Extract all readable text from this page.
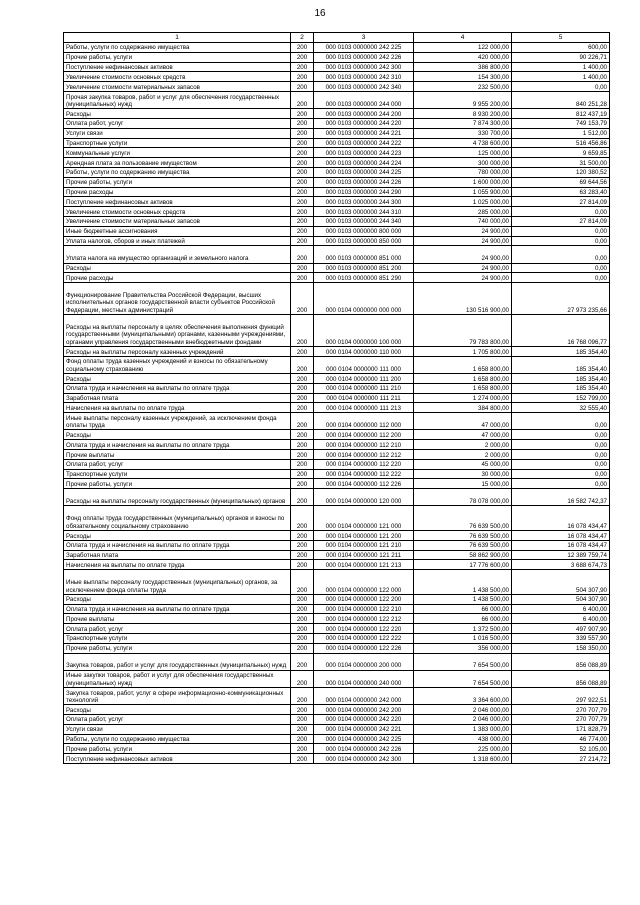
16
1	2	3	4	5
Работы, услуги по содержанию имущества	200	000 0103 0000000 242 225	122 000,00	600,00
Прочие работы, услуги	200	000 0103 0000000 242 226	420 000,00	90 226,71
Поступление нефинансовых активов	200	000 0103 0000000 242 300	386 800,00	1 400,00
Увеличение стоимости основных средств	200	000 0103 0000000 242 310	154 300,00	1 400,00
Увеличение стоимости материальных запасов	200	000 0103 0000000 242 340	232 500,00	0,00
Прочая закупка товаров, работ и услуг для обеспечения государственных (муниципальных) нужд	200	000 0103 0000000 244 000	9 955 200,00	840 251,28
Расходы	200	000 0103 0000000 244 200	8 930 200,00	812 437,19
Оплата работ, услуг	200	000 0103 0000000 244 220	7 874 300,00	749 153,79
Услуги связи	200	000 0103 0000000 244 221	330 700,00	1 512,00
Транспортные услуги	200	000 0103 0000000 244 222	4 738 600,00	516 456,86
Коммунальные услуги	200	000 0103 0000000 244 223	125 000,00	9 659,85
Арендная плата за пользование имуществом	200	000 0103 0000000 244 224	300 000,00	31 500,00
Работы, услуги по содержанию имущества	200	000 0103 0000000 244 225	780 000,00	120 380,52
Прочие работы, услуги	200	000 0103 0000000 244 226	1 600 000,00	69 644,56
Прочие расходы	200	000 0103 0000000 244 290	1 055 900,00	63 283,40
Поступление нефинансовых активов	200	000 0103 0000000 244 300	1 025 000,00	27 814,09
Увеличение стоимости основных средств	200	000 0103 0000000 244 310	285 000,00	0,00
Увеличение стоимости материальных запасов	200	000 0103 0000000 244 340	740 000,00	27 814,09
Иные бюджетные ассигнования	200	000 0103 0000000 800 000	24 900,00	0,00
Уплата налогов, сборов и иных платежей	200	000 0103 0000000 850 000	24 900,00	0,00
Уплата налога на имущество организаций и земельного налога	200	000 0103 0000000 851 000	24 900,00	0,00
Расходы	200	000 0103 0000000 851 200	24 900,00	0,00
Прочие расходы	200	000 0103 0000000 851 290	24 900,00	0,00
Функционирование Правительства Российской Федерации, высших исполнительных органов государственной власти субъектов Российской Федерации, местных администраций	200	000 0104 0000000 000 000	130 516 900,00	27 973 235,66
Расходы на выплаты персоналу в целях обеспечения выполнения функций государственными (муниципальными) органами, казенными учреждениями, органами управления государственными внебюджетными фондами	200	000 0104 0000000 100 000	79 783 800,00	16 768 096,77
Расходы на выплаты персоналу казенных учреждений	200	000 0104 0000000 110 000	1 705 800,00	185 354,40
Фонд оплаты труда казенных учреждений и взносы по обязательному социальному страхованию	200	000 0104 0000000 111 000	1 658 800,00	185 354,40
Расходы	200	000 0104 0000000 111 200	1 658 800,00	185 354,40
Оплата труда и начисления на выплаты по оплате труда	200	000 0104 0000000 111 210	1 658 800,00	185 354,40
Заработная плата	200	000 0104 0000000 111 211	1 274 000,00	152 799,00
Начисления на выплаты по оплате труда	200	000 0104 0000000 111 213	384 800,00	32 555,40
Иные выплаты персоналу казенных учреждений, за исключением фонда оплаты труда	200	000 0104 0000000 112 000	47 000,00	0,00
Расходы	200	000 0104 0000000 112 200	47 000,00	0,00
Оплата труда и начисления на выплаты по оплате труда	200	000 0104 0000000 112 210	2 000,00	0,00
Прочие выплаты	200	000 0104 0000000 112 212	2 000,00	0,00
Оплата работ, услуг	200	000 0104 0000000 112 220	45 000,00	0,00
Транспортные услуги	200	000 0104 0000000 112 222	30 000,00	0,00
Прочие работы, услуги	200	000 0104 0000000 112 226	15 000,00	0,00
Расходы на выплаты персоналу государственных (муниципальных) органов	200	000 0104 0000000 120 000	78 078 000,00	16 582 742,37
Фонд оплаты труда государственных (муниципальных) органов и взносы по обязательному социальному страхованию	200	000 0104 0000000 121 000	76 639 500,00	16 078 434,47
Расходы	200	000 0104 0000000 121 200	76 639 500,00	16 078 434,47
Оплата труда и начисления на выплаты по оплате труда	200	000 0104 0000000 121 210	76 639 500,00	16 078 434,47
Заработная плата	200	000 0104 0000000 121 211	58 862 900,00	12 389 759,74
Начисления на выплаты по оплате труда	200	000 0104 0000000 121 213	17 776 600,00	3 688 674,73
Иные выплаты персоналу государственных (муниципальных) органов, за исключением фонда оплаты труда	200	000 0104 0000000 122 000	1 438 500,00	504 307,90
Расходы	200	000 0104 0000000 122 200	1 438 500,00	504 307,90
Оплата труда и начисления на выплаты по оплате труда	200	000 0104 0000000 122 210	66 000,00	6 400,00
Прочие выплаты	200	000 0104 0000000 122 212	66 000,00	6 400,00
Оплата работ, услуг	200	000 0104 0000000 122 220	1 372 500,00	497 907,90
Транспортные услуги	200	000 0104 0000000 122 222	1 016 500,00	339 557,90
Прочие работы, услуги	200	000 0104 0000000 122 226	356 000,00	158 350,00
Закупка товаров, работ и услуг для государственных (муниципальных) нужд	200	000 0104 0000000 200 000	7 654 500,00	856 088,89
Иные закупки товаров, работ и услуг для обеспечения государственных (муниципальных) нужд	200	000 0104 0000000 240 000	7 654 500,00	856 088,89
Закупка товаров, работ, услуг в сфере информационно-коммуникационных технологий	200	000 0104 0000000 242 000	3 364 600,00	297 922,51
Расходы	200	000 0104 0000000 242 200	2 046 000,00	270 707,79
Оплата работ, услуг	200	000 0104 0000000 242 220	2 046 000,00	270 707,79
Услуги связи	200	000 0104 0000000 242 221	1 383 000,00	171 828,79
Работы, услуги по содержанию имущества	200	000 0104 0000000 242 225	438 000,00	46 774,00
Прочие работы, услуги	200	000 0104 0000000 242 226	225 000,00	52 105,00
Поступление нефинансовых активов	200	000 0104 0000000 242 300	1 318 600,00	27 214,72
